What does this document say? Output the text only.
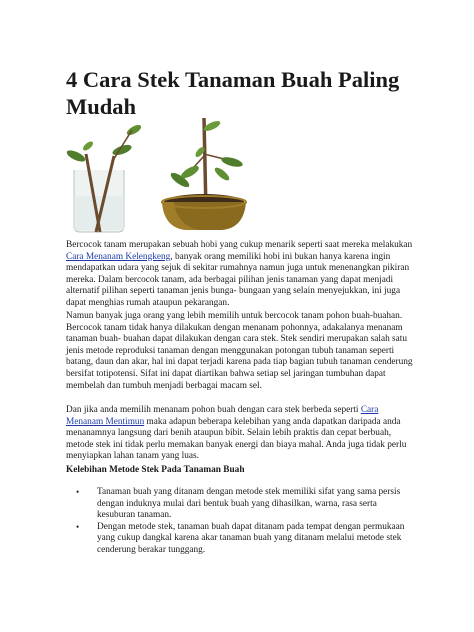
4 Cara Stek Tanaman Buah Paling Mudah

Bercocok tanam merupakan sebuah hobi yang cukup menarik seperti saat mereka melakukan Cara Menanam Kelengkeng, banyak orang memiliki hobi ini bukan hanya karena ingin mendapatkan udara yang sejuk di sekitar rumahnya namun juga untuk menenangkan pikiran mereka. Dalam bercocok tanam, ada berbagai pilihan jenis tanaman yang dapat menjadi alternatif pilihan seperti tanaman jenis bunga- bungaan yang selain menyejukkan, ini juga dapat menghias rumah ataupun pekarangan.

Namun banyak juga orang yang lebih memilih untuk bercocok tanam pohon buah-buahan. Bercocok tanam tidak hanya dilakukan dengan menanam pohonnya, adakalanya menanam tanaman buah- buahan dapat dilakukan dengan cara stek. Stek sendiri merupakan salah satu jenis metode reproduksi tanaman dengan menggunakan potongan tubuh tanaman seperti batang, daun dan akar, hal ini dapat terjadi karena pada tiap bagian tubuh tanaman cenderung bersifat totipotensi. Sifat ini dapat diartikan bahwa setiap sel jaringan tumbuhan dapat membelah dan tumbuh menjadi berbagai macam sel.

Dan jika anda memilih menanam pohon buah dengan cara stek berbeda seperti Cara Menanam Mentimun maka adapun beberapa kelebihan yang anda dapatkan daripada anda menanamnya langsung dari benih ataupun bibit. Selain lebih praktis dan cepat berbuah, metode stek ini tidak perlu memakan banyak energi dan biaya mahal. Anda juga tidak perlu menyiapkan lahan tanam yang luas.

Kelebihan Metode Stek Pada Tanaman Buah

• Tanaman buah yang ditanam dengan metode stek memiliki sifat yang sama persis dengan induknya mulai dari bentuk buah yang dihasilkan, warna, rasa serta kesuburan tanaman.
• Dengan metode stek, tanaman buah dapat ditanam pada tempat dengan permukaan yang cukup dangkal karena akar tanaman buah yang ditanam melalui metode stek cenderung berakar tunggang.
